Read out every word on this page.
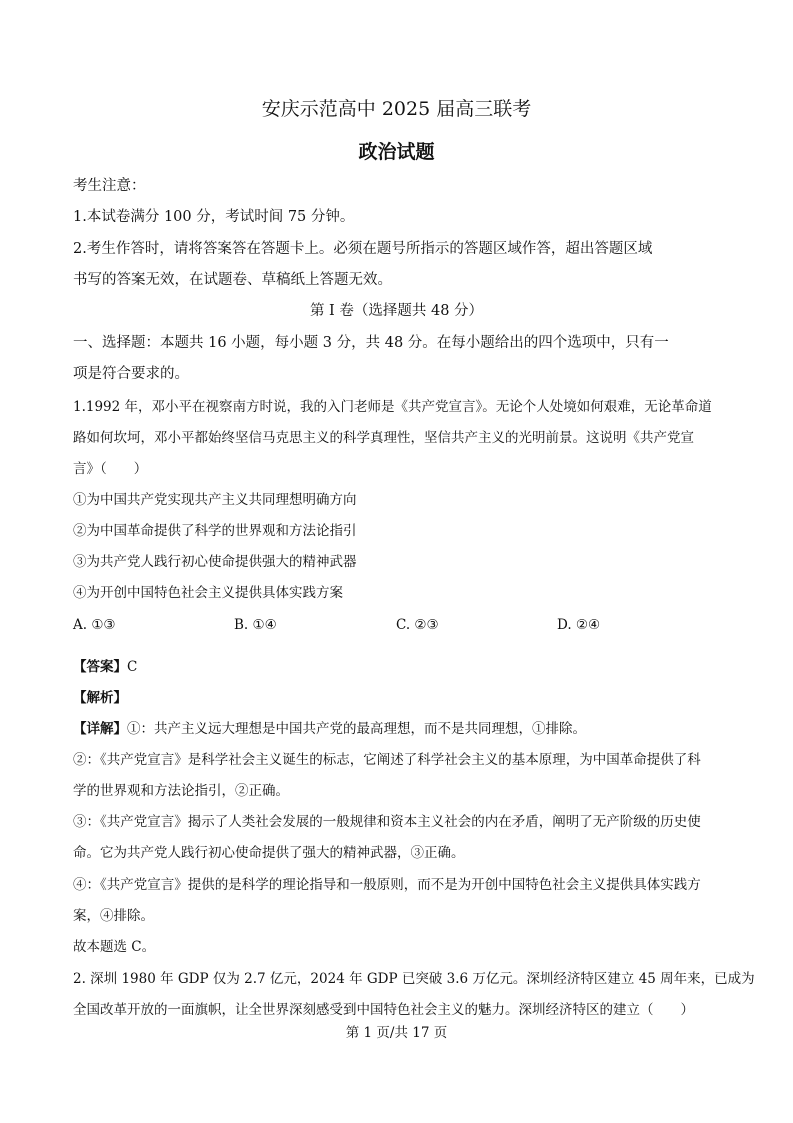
安庆示范高中 2025 届高三联考
政治试题
考生注意：
1.本试卷满分 100 分，考试时间 75 分钟。
2.考生作答时，请将答案答在答题卡上。必须在题号所指示的答题区域作答，超出答题区域
书写的答案无效，在试题卷、草稿纸上答题无效。
第 I 卷（选择题共 48 分）
一、选择题：本题共 16 小题，每小题 3 分，共 48 分。在每小题给出的四个选项中，只有一
项是符合要求的。
1.1992 年，邓小平在视察南方时说，我的入门老师是《共产党宣言》。无论个人处境如何艰难，无论革命道
路如何坎坷，邓小平都始终坚信马克思主义的科学真理性，坚信共产主义的光明前景。这说明《共产党宣
言》（　　）
①为中国共产党实现共产主义共同理想明确方向
②为中国革命提供了科学的世界观和方法论指引
③为共产党人践行初心使命提供强大的精神武器
④为开创中国特色社会主义提供具体实践方案
A. ①③	B. ①④	C. ②③	D. ②④
【答案】C
【解析】
【详解】①：共产主义远大理想是中国共产党的最高理想，而不是共同理想，①排除。
②：《共产党宣言》是科学社会主义诞生的标志，它阐述了科学社会主义的基本原理，为中国革命提供了科
学的世界观和方法论指引，②正确。
③：《共产党宣言》揭示了人类社会发展的一般规律和资本主义社会的内在矛盾，阐明了无产阶级的历史使
命。它为共产党人践行初心使命提供了强大的精神武器，③正确。
④：《共产党宣言》提供的是科学的理论指导和一般原则，而不是为开创中国特色社会主义提供具体实践方
案，④排除。
故本题选 C。
2. 深圳 1980 年 GDP 仅为 2.7 亿元，2024 年 GDP 已突破 3.6 万亿元。深圳经济特区建立 45 周年来，已成为
全国改革开放的一面旗帜，让全世界深刻感受到中国特色社会主义的魅力。深圳经济特区的建立（　　）
第 1 页/共 17 页
